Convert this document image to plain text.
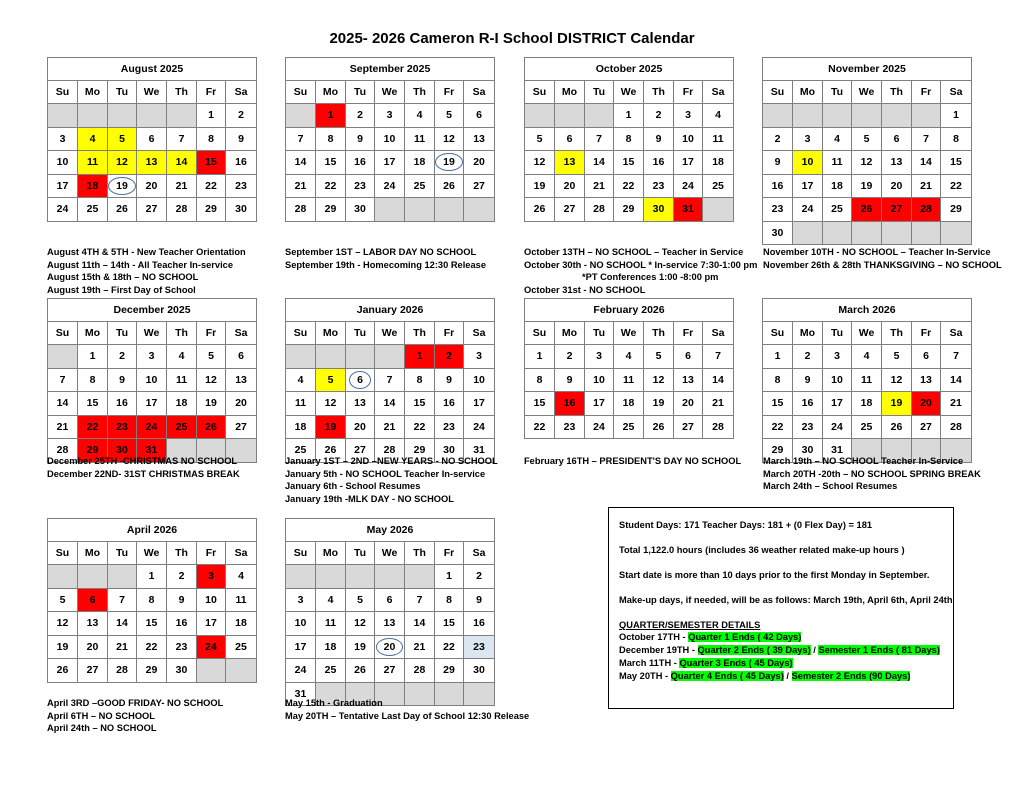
2025- 2026 Cameron R-I School DISTRICT Calendar
August 2025						
Su	Mo	Tu	We	Th	Fr	Sa
					1	2
3	4	5	6	7	8	9
10	11	12	13	14	15	16
17	18	19	20	21	22	23
24	25	26	27	28	29	30
September 2025						
Su	Mo	Tu	We	Th	Fr	Sa
	1	2	3	4	5	6
7	8	9	10	11	12	13
14	15	16	17	18	19	20
21	22	23	24	25	26	27
28	29	30				
October 2025						
Su	Mo	Tu	We	Th	Fr	Sa
			1	2	3	4
5	6	7	8	9	10	11
12	13	14	15	16	17	18
19	20	21	22	23	24	25
26	27	28	29	30	31	
November 2025						
Su	Mo	Tu	We	Th	Fr	Sa
						1
2	3	4	5	6	7	8
9	10	11	12	13	14	15
16	17	18	19	20	21	22
23	24	25	26	27	28	29
30						
December 2025						
Su	Mo	Tu	We	Th	Fr	Sa
	1	2	3	4	5	6
7	8	9	10	11	12	13
14	15	16	17	18	19	20
21	22	23	24	25	26	27
28	29	30	31			
January 2026						
Su	Mo	Tu	We	Th	Fr	Sa
				1	2	3
4	5	6	7	8	9	10
11	12	13	14	15	16	17
18	19	20	21	22	23	24
25	26	27	28	29	30	31
February 2026						
Su	Mo	Tu	We	Th	Fr	Sa
1	2	3	4	5	6	7
8	9	10	11	12	13	14
15	16	17	18	19	20	21
22	23	24	25	26	27	28
March 2026						
Su	Mo	Tu	We	Th	Fr	Sa
1	2	3	4	5	6	7
8	9	10	11	12	13	14
15	16	17	18	19	20	21
22	23	24	25	26	27	28
29	30	31				
April 2026						
Su	Mo	Tu	We	Th	Fr	Sa
			1	2	3	4
5	6	7	8	9	10	11
12	13	14	15	16	17	18
19	20	21	22	23	24	25
26	27	28	29	30		
May 2026						
Su	Mo	Tu	We	Th	Fr	Sa
					1	2
3	4	5	6	7	8	9
10	11	12	13	14	15	16
17	18	19	20	21	22	23
24	25	26	27	28	29	30
31						
August 4TH & 5TH - New Teacher Orientation
August 11th – 14th - All Teacher In-service
August 15th & 18th – NO SCHOOL
August 19th – First Day of School
September 1ST – LABOR DAY NO SCHOOL
September 19th - Homecoming 12:30 Release
October 13TH – NO SCHOOL – Teacher in Service
October 30th - NO SCHOOL * In-service 7:30-1:00 pm
*PT Conferences 1:00 -8:00 pm
October 31st - NO SCHOOL
November 10TH - NO SCHOOL – Teacher In-Service
November 26th & 28th THANKSGIVING – NO SCHOOL
December 25TH -CHRISTMAS NO SCHOOL
December 22ND- 31ST CHRISTMAS BREAK
January 1ST – 2ND –NEW YEARS - NO SCHOOL
January 5th - NO SCHOOL Teacher In-service
January 6th - School Resumes
January 19th -MLK DAY - NO SCHOOL
February 16TH – PRESIDENT'S DAY NO SCHOOL March 19th – NO SCHOOL Teacher In-Service
March 20TH -20th – NO SCHOOL SPRING BREAK
March 24th – School Resumes
April 3RD –GOOD FRIDAY- NO SCHOOL
April 6TH – NO SCHOOL
April 24th – NO SCHOOL
May 15th - Graduation
May 20TH – Tentative Last Day of School 12:30 Release
Student Days: 171 Teacher Days: 181 + (0 Flex Day) = 181
Total 1,122.0 hours (includes 36 weather related make-up hours )
Start date is more than 10 days prior to the first Monday in September.
Make-up days, if needed, will be as follows: March 19th, April 6th, April 24th
QUARTER/SEMESTER DETAILS
October 17TH - Quarter 1 Ends ( 42 Days)
December 19TH - Quarter 2 Ends ( 39 Days) / Semester 1 Ends ( 81 Days)
March 11TH - Quarter 3 Ends ( 45 Days)
May 20TH - Quarter 4 Ends ( 45 Days) / Semester 2 Ends (90 Days)
